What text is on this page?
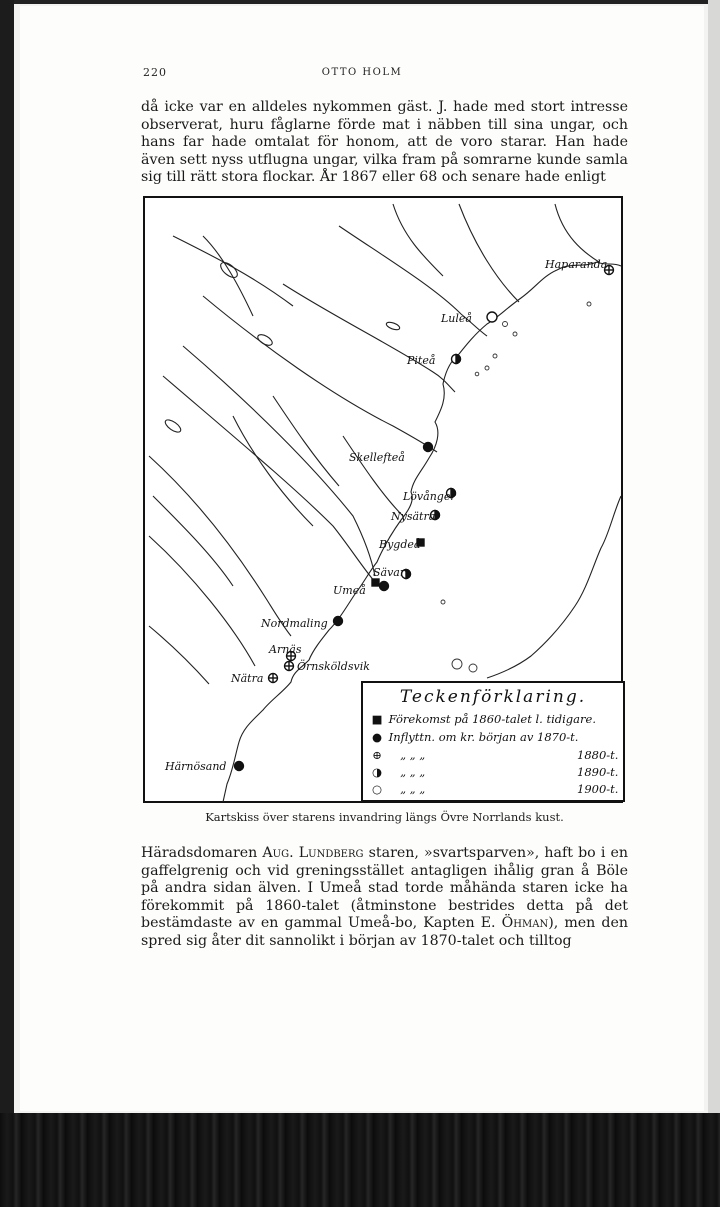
220	OTTO HOLM

då icke var en alldeles nykommen gäst. J. hade med stort intresse observerat, huru fåglarne förde mat i näbben till sina ungar, och hans far hade omtalat för honom, att de voro starar. Han hade även sett nyss utflugna ungar, vilka fram på somrarne kunde samla sig till rätt stora flockar. År 1867 eller 68 och senare hade enligt

Haparanda
Luleå
Piteå
Skellefteå
Lövånger
Nysätra
Bygdeå
Sävar
Umeå
Nordmaling
Arnäs
Örnsköldsvik
Nätra
Härnösand
Teckenförklaring.
■ Förekomst på 1860-talet l. tidigare.
● Inflyttn. om kr. början av 1870-t.
⊕ „ „ „	1880-t.
◑ „ „ „	1890-t.
○ „ „ „	1900-t.
Kartskiss över starens invandring längs Övre Norrlands kust.

Häradsdomaren Aug. Lundberg staren, »svartsparven», haft bo i en gaffelgrenig och vid greningsstället antagligen ihålig gran å Böle på andra sidan älven. I Umeå stad torde måhända staren icke ha förekommit på 1860-talet (åtminstone bestrides detta på det bestämdaste av en gammal Umeå-bo, Kapten E. Öhman), men den spred sig åter dit sannolikt i början av 1870-talet och tilltog
